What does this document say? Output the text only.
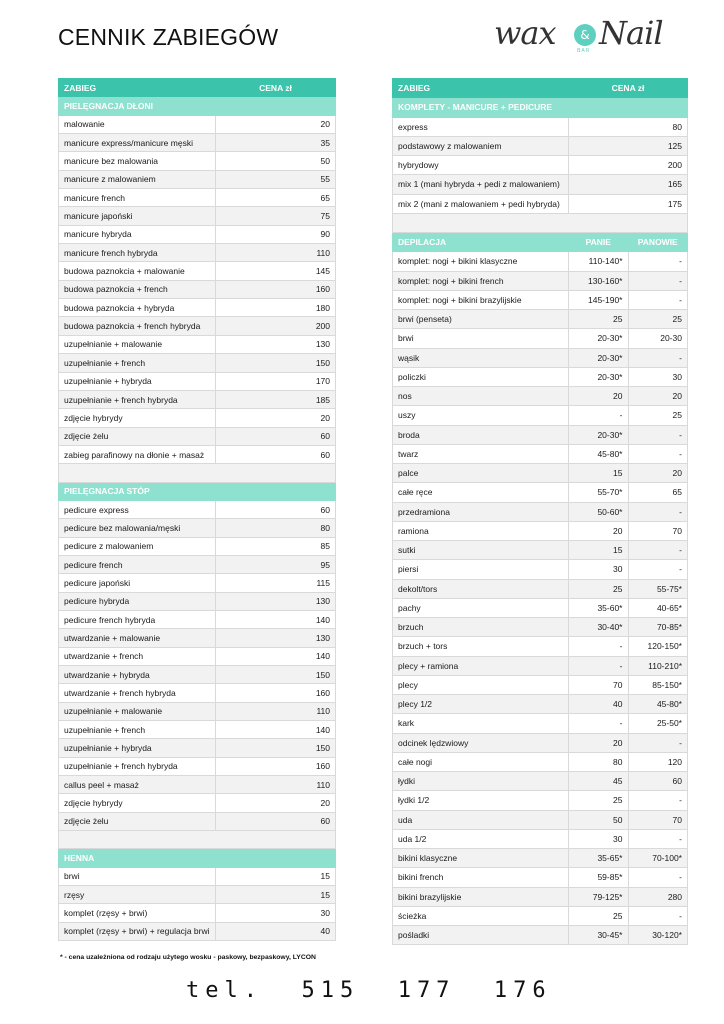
CENNIK ZABIEGÓW	wax	&
BAR Nail
ZABIEG	CENA zł
PIELĘGNACJA DŁONI	
malowanie	20
manicure express/manicure męski	35
manicure bez malowania	50
manicure z malowaniem	55
manicure french	65
manicure japoński	75
manicure hybryda	90
manicure french hybryda	110
budowa paznokcia + malowanie	145
budowa paznokcia + french	160
budowa paznokcia + hybryda	180
budowa paznokcia + french hybryda	200
uzupełnianie + malowanie	130
uzupełnianie + french	150
uzupełnianie + hybryda	170
uzupełnianie + french hybryda	185
zdjęcie hybrydy	20
zdjęcie żelu	60
zabieg parafinowy na dłonie + masaż	60

PIELĘGNACJA STÓP	
pedicure express	60
pedicure bez malowania/męski	80
pedicure z malowaniem	85
pedicure french	95
pedicure japoński	115
pedicure hybryda	130
pedicure french hybryda	140
utwardzanie + malowanie	130
utwardzanie + french	140
utwardzanie + hybryda	150
utwardzanie + french hybryda	160
uzupełnianie + malowanie	110
uzupełnianie + french	140
uzupełnianie + hybryda	150
uzupełnianie + french hybryda	160
callus peel + masaż	110
zdjęcie hybrydy	20
zdjęcie żelu	60

HENNA	
brwi	15
rzęsy	15
komplet (rzęsy + brwi)	30
komplet (rzęsy + brwi) + regulacja brwi	40
ZABIEG	CENA zł	
KOMPLETY - MANICURE + PEDICURE		
express	80	
podstawowy z malowaniem	125	
hybrydowy	200	
mix 1 (mani hybryda + pedi z malowaniem)	165	
mix 2 (mani z malowaniem + pedi hybryda)	175	

DEPILACJA	PANIE	PANOWIE
komplet: nogi + bikini klasyczne	110-140*	-
komplet: nogi + bikini french	130-160*	-
komplet: nogi + bikini brazylijskie	145-190*	-
brwi (penseta)	25	25
brwi	20-30*	20-30
wąsik	20-30*	-
policzki	20-30*	30
nos	20	20
uszy	-	25
broda	20-30*	-
twarz	45-80*	-
palce	15	20
całe ręce	55-70*	65
przedramiona	50-60*	-
ramiona	20	70
sutki	15	-
piersi	30	-
dekolt/tors	25	55-75*
pachy	35-60*	40-65*
brzuch	30-40*	70-85*
brzuch + tors	-	120-150*
plecy + ramiona	-	110-210*
plecy	70	85-150*
plecy 1/2	40	45-80*
kark	-	25-50*
odcinek lędzwiowy	20	-
całe nogi	80	120
łydki	45	60
łydki 1/2	25	-
uda	50	70
uda 1/2	30	-
bikini klasyczne	35-65*	70-100*
bikini french	59-85*	-
bikini brazylijskie	79-125*	280
ścieżka	25	-
pośladki	30-45*	30-120*
* - cena uzależniona od rodzaju użytego wosku - paskowy, bezpaskowy, LYCON
tel.  515  177  176
